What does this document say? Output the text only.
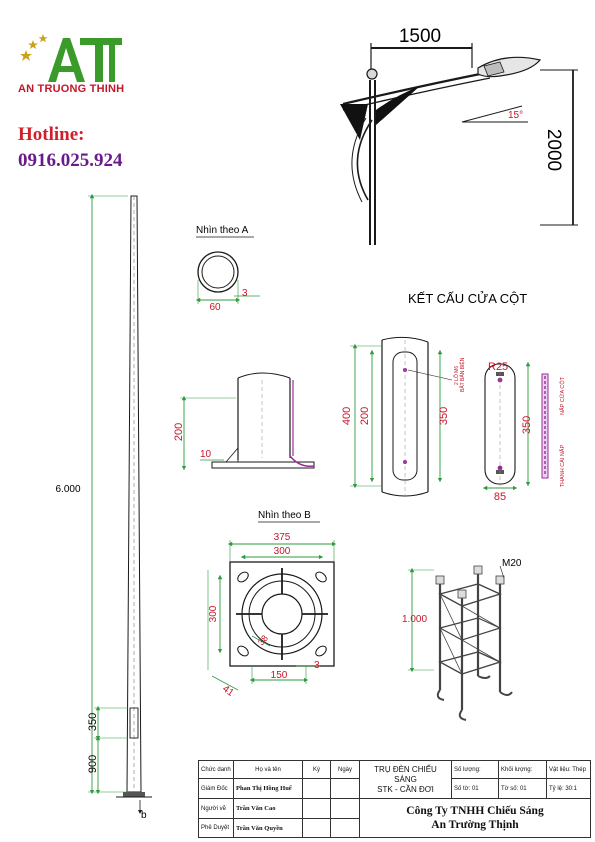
AN TRUONG THINH
Hotline:
0916.025.924
1500
15°
2000
6.000
350
900
b
Nhìn theo A
60
3
200
10
KẾT CẤU CỬA CỘT
400 200	350
2 LỖ M6 BẮT BẢN BIỆN R25
350
85
NẮP CỬA CỘT
THANH CÀI NẮP
Nhìn theo B
375
300
300
38
41
150
3
M20
1.000
Chức danh	Họ và tên	Ký	Ngày
Giám Đốc	Phan Thị Hồng Huế
Người vẽ	Trần Văn Cao
Phê Duyệt	Trần Văn Quyền
TRỤ ĐÈN CHIẾU SÁNG
STK - CẦN ĐƠI
Số lượng:	Khối lượng:	Vật liệu: Thép
Số tờ: 01	Tờ số: 01	Tỷ lệ: 30:1
Công Ty TNHH Chiếu Sáng
An Trường Thịnh
